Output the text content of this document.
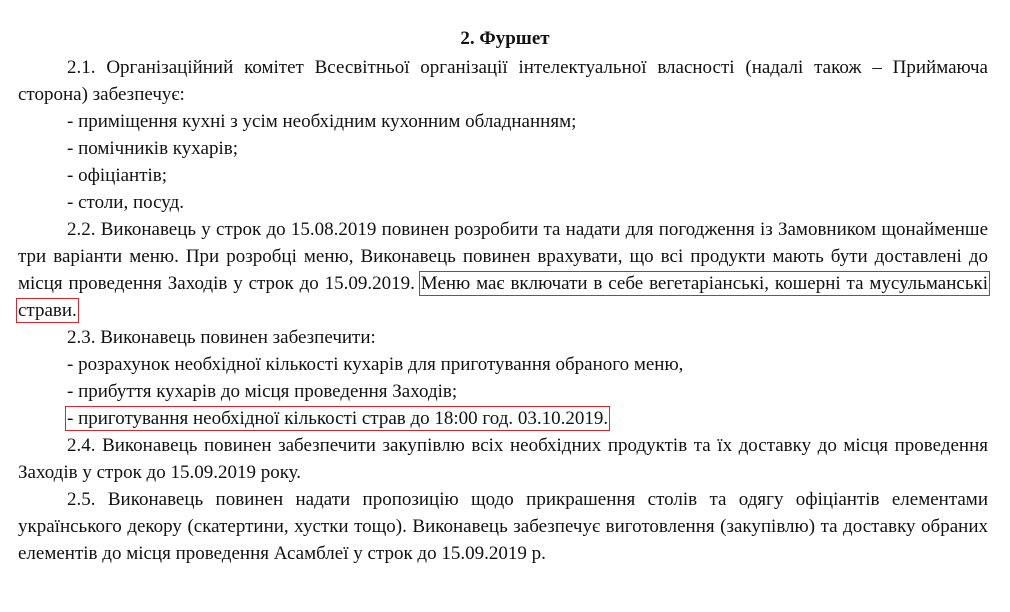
2. Фуршет

2.1. Організаційний комітет Всесвітньої організації інтелектуальної власності (надалі також – Приймаюча сторона) забезпечує:

- приміщення кухні з усім необхідним кухонним обладнанням;

- помічників кухарів;

- офіціантів;

- столи, посуд.

2.2. Виконавець у строк до 15.08.2019 повинен розробити та надати для погодження із Замовником щонайменше три варіанти меню. При розробці меню, Виконавець повинен врахувати, що всі продукти мають бути доставлені до місця проведення Заходів у строк до 15.09.2019. Меню має включати в себе вегетаріанські, кошерні та мусульманські страви.

2.3. Виконавець повинен забезпечити:

- розрахунок необхідної кількості кухарів для приготування обраного меню,

- прибуття кухарів до місця проведення Заходів;

- приготування необхідної кількості страв до 18:00 год. 03.10.2019.

2.4. Виконавець повинен забезпечити закупівлю всіх необхідних продуктів та їх доставку до місця проведення Заходів у строк до 15.09.2019 року.

2.5. Виконавець повинен надати пропозицію щодо прикрашення столів та одягу офіціантів елементами українського декору (скатертини, хустки тощо). Виконавець забезпечує виготовлення (закупівлю) та доставку обраних елементів до місця проведення Асамблеї у строк до 15.09.2019 р.
